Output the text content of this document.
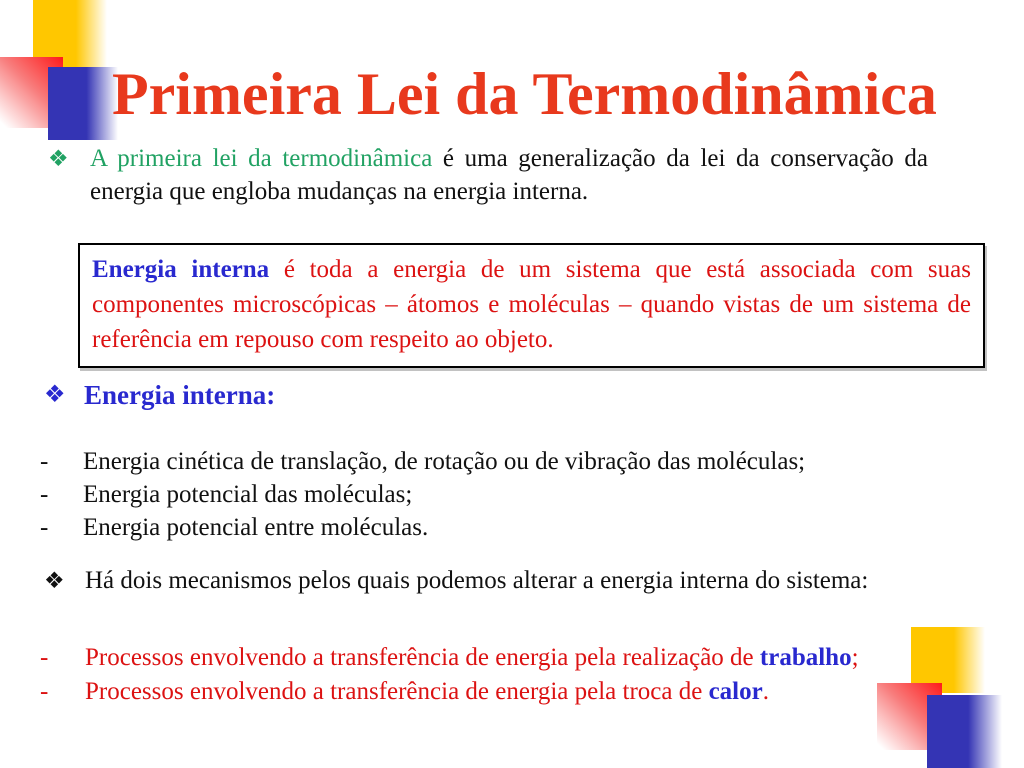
Primeira Lei da Termodinâmica
❖ A primeira lei da termodinâmica é uma generalização da lei da conservação da energia que engloba mudanças na energia interna.
Energia interna é toda a energia de um sistema que está associada com suas componentes microscópicas – átomos e moléculas – quando vistas de um sistema de referência em repouso com respeito ao objeto.
❖ Energia interna:
-	Energia cinética de translação, de rotação ou de vibração das moléculas;
-	Energia potencial das moléculas;
-	Energia potencial entre moléculas.
❖ Há dois mecanismos pelos quais podemos alterar a energia interna do sistema:
-	Processos envolvendo a transferência de energia pela realização de trabalho;
-	Processos envolvendo a transferência de energia pela troca de calor.
